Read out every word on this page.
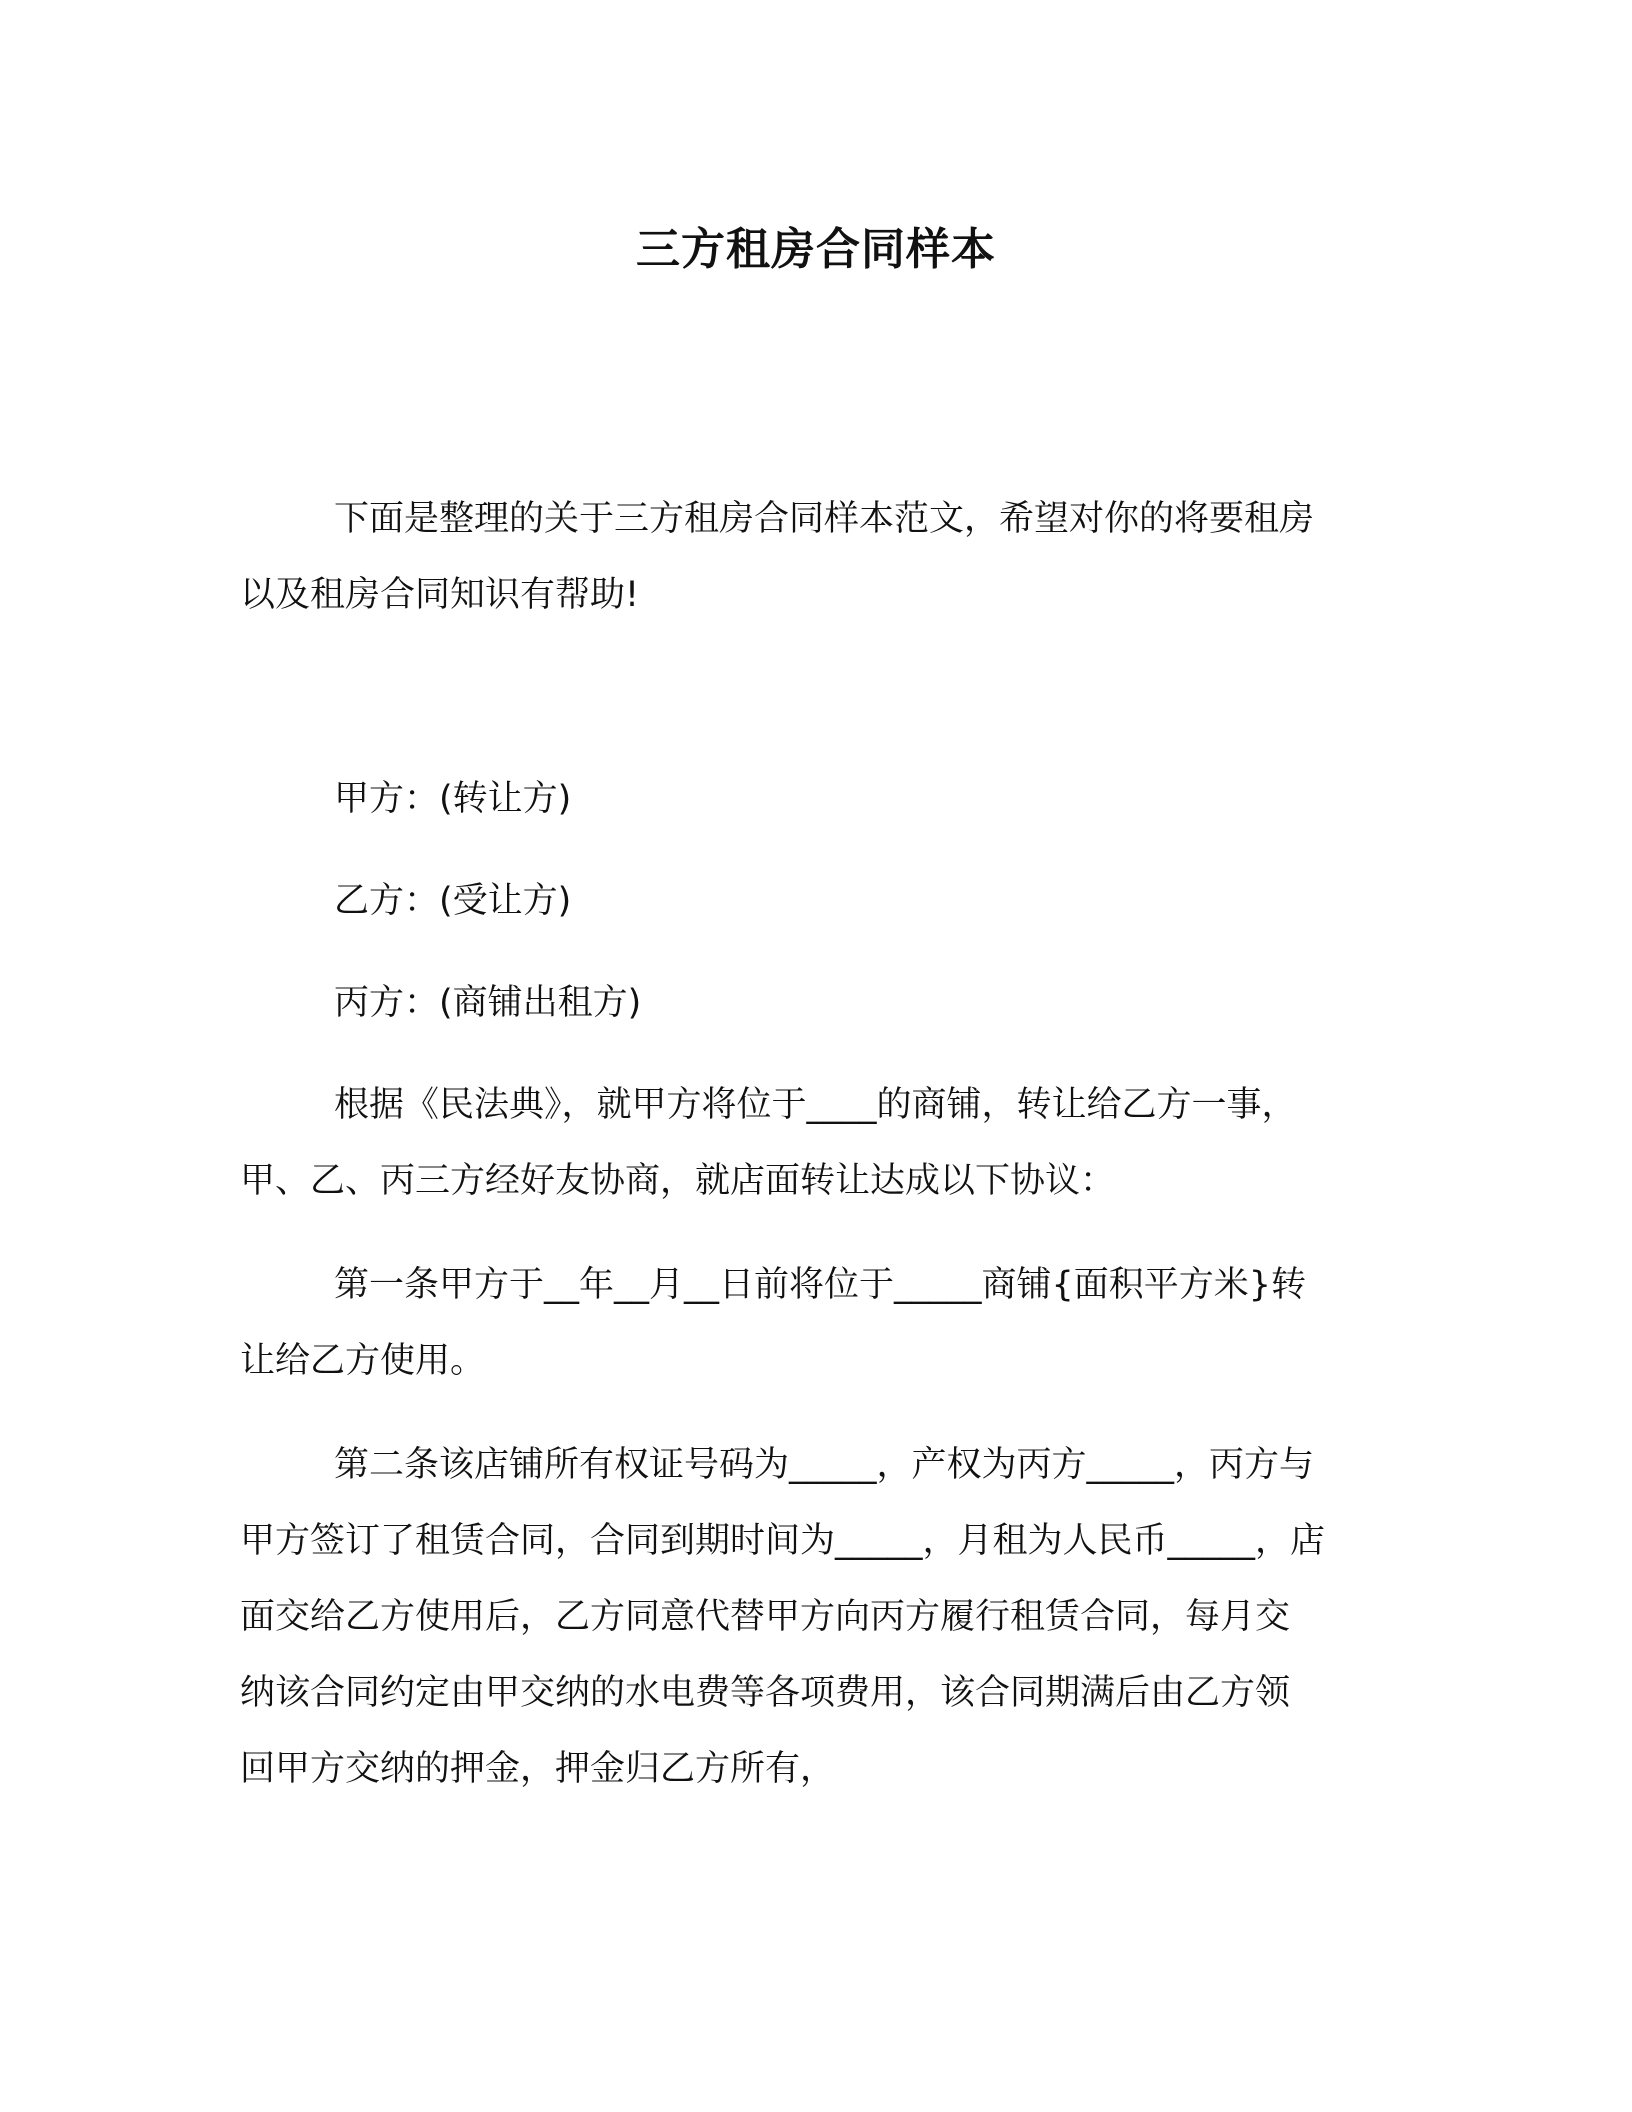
三方租房合同样本
下面是整理的关于三方租房合同样本范文，希望对你的将要租房
以及租房合同知识有帮助!
甲方：(转让方)
乙方：(受让方)
丙方：(商铺出租方)
根据《民法典》，就甲方将位于____的商铺，转让给乙方一事，
甲、乙、丙三方经好友协商，就店面转让达成以下协议：
第一条甲方于__年__月__日前将位于_____商铺{面积平方米}转
让给乙方使用。
第二条该店铺所有权证号码为_____，产权为丙方_____，丙方与
甲方签订了租赁合同，合同到期时间为_____，月租为人民币_____，店
面交给乙方使用后，乙方同意代替甲方向丙方履行租赁合同，每月交
纳该合同约定由甲交纳的水电费等各项费用，该合同期满后由乙方领
回甲方交纳的押金，押金归乙方所有，
